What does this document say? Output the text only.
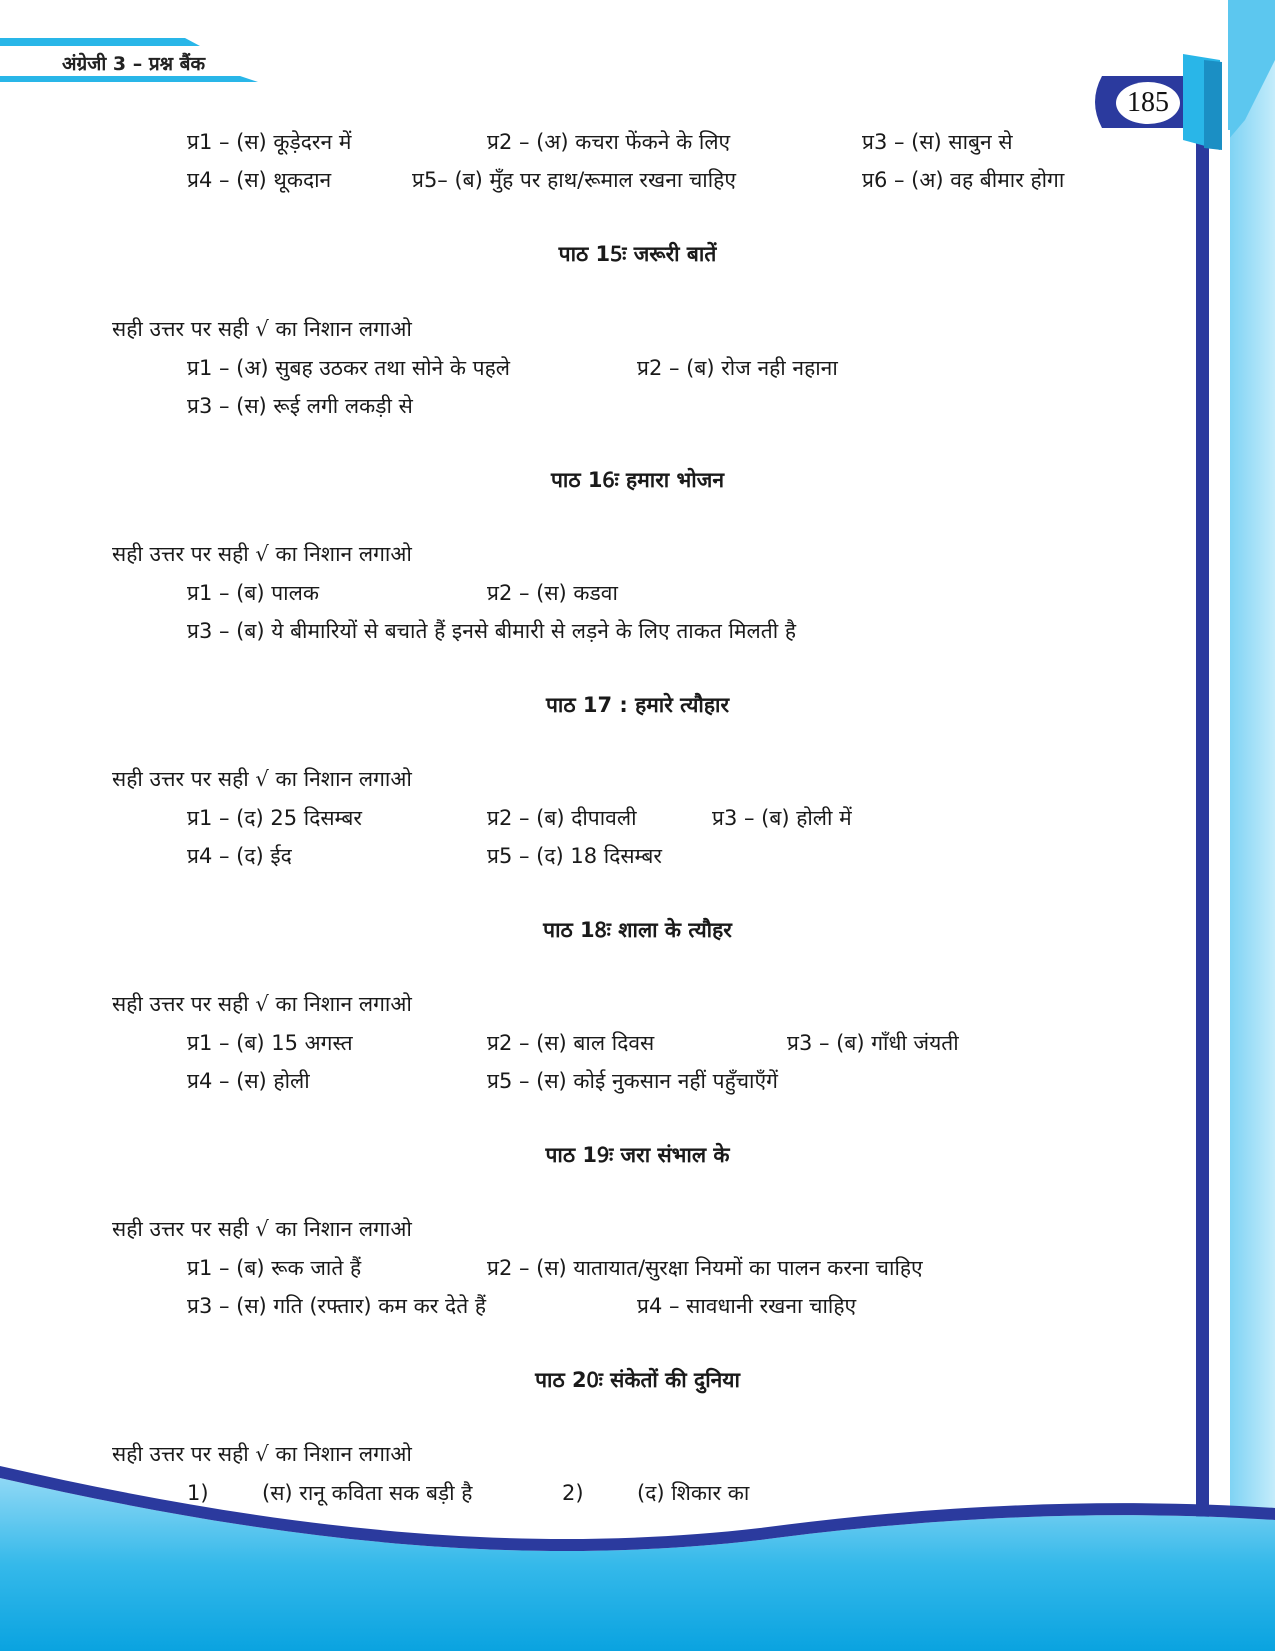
अंग्रेजी 3 – प्रश्न बैंक
185
प्र1 – (स) कूड़ेदरन में	प्र2 – (अ) कचरा फेंकने के लिए	प्र3 – (स) साबुन से
प्र4 – (स) थूकदान	प्र5– (ब) मुँह पर हाथ/रूमाल रखना चाहिए	प्र6 – (अ) वह बीमार होगा
पाठ 15ः जरूरी बातें
सही उत्तर पर सही √ का निशान लगाओ
प्र1 – (अ) सुबह उठकर तथा सोने के पहले	प्र2 – (ब) रोज नही नहाना
प्र3 – (स) रूई लगी लकड़ी से
पाठ 16ः हमारा भोजन
सही उत्तर पर सही √ का निशान लगाओ
प्र1 – (ब) पालक	प्र2 – (स) कडवा
प्र3 – (ब) ये बीमारियों से बचाते हैं इनसे बीमारी से लड़ने के लिए ताकत मिलती है
पाठ 17 : हमारे त्यौहार
सही उत्तर पर सही √ का निशान लगाओ
प्र1 – (द) 25 दिसम्बर	प्र2 – (ब) दीपावली	प्र3 – (ब) होली में
प्र4 – (द) ईद	प्र5 – (द) 18 दिसम्बर
पाठ 18ः शाला के त्यौहर
सही उत्तर पर सही √ का निशान लगाओ
प्र1 – (ब) 15 अगस्त	प्र2 – (स) बाल दिवस	प्र3 – (ब) गाँधी जंयती
प्र4 – (स) होली	प्र5 – (स) कोई नुकसान नहीं पहुँचाएँगें
पाठ 19ः जरा संभाल के
सही उत्तर पर सही √ का निशान लगाओ
प्र1 – (ब) रूक जाते हैं	प्र2 – (स) यातायात/सुरक्षा नियमों का पालन करना चाहिए
प्र3 – (स) गति (रफ्तार) कम कर देते हैं	प्र4 – सावधानी रखना चाहिए
पाठ 20ः संकेतों की दुनिया
सही उत्तर पर सही √ का निशान लगाओ
1)	(स) रानू कविता सक बड़ी है	2)	(द) शिकार का
